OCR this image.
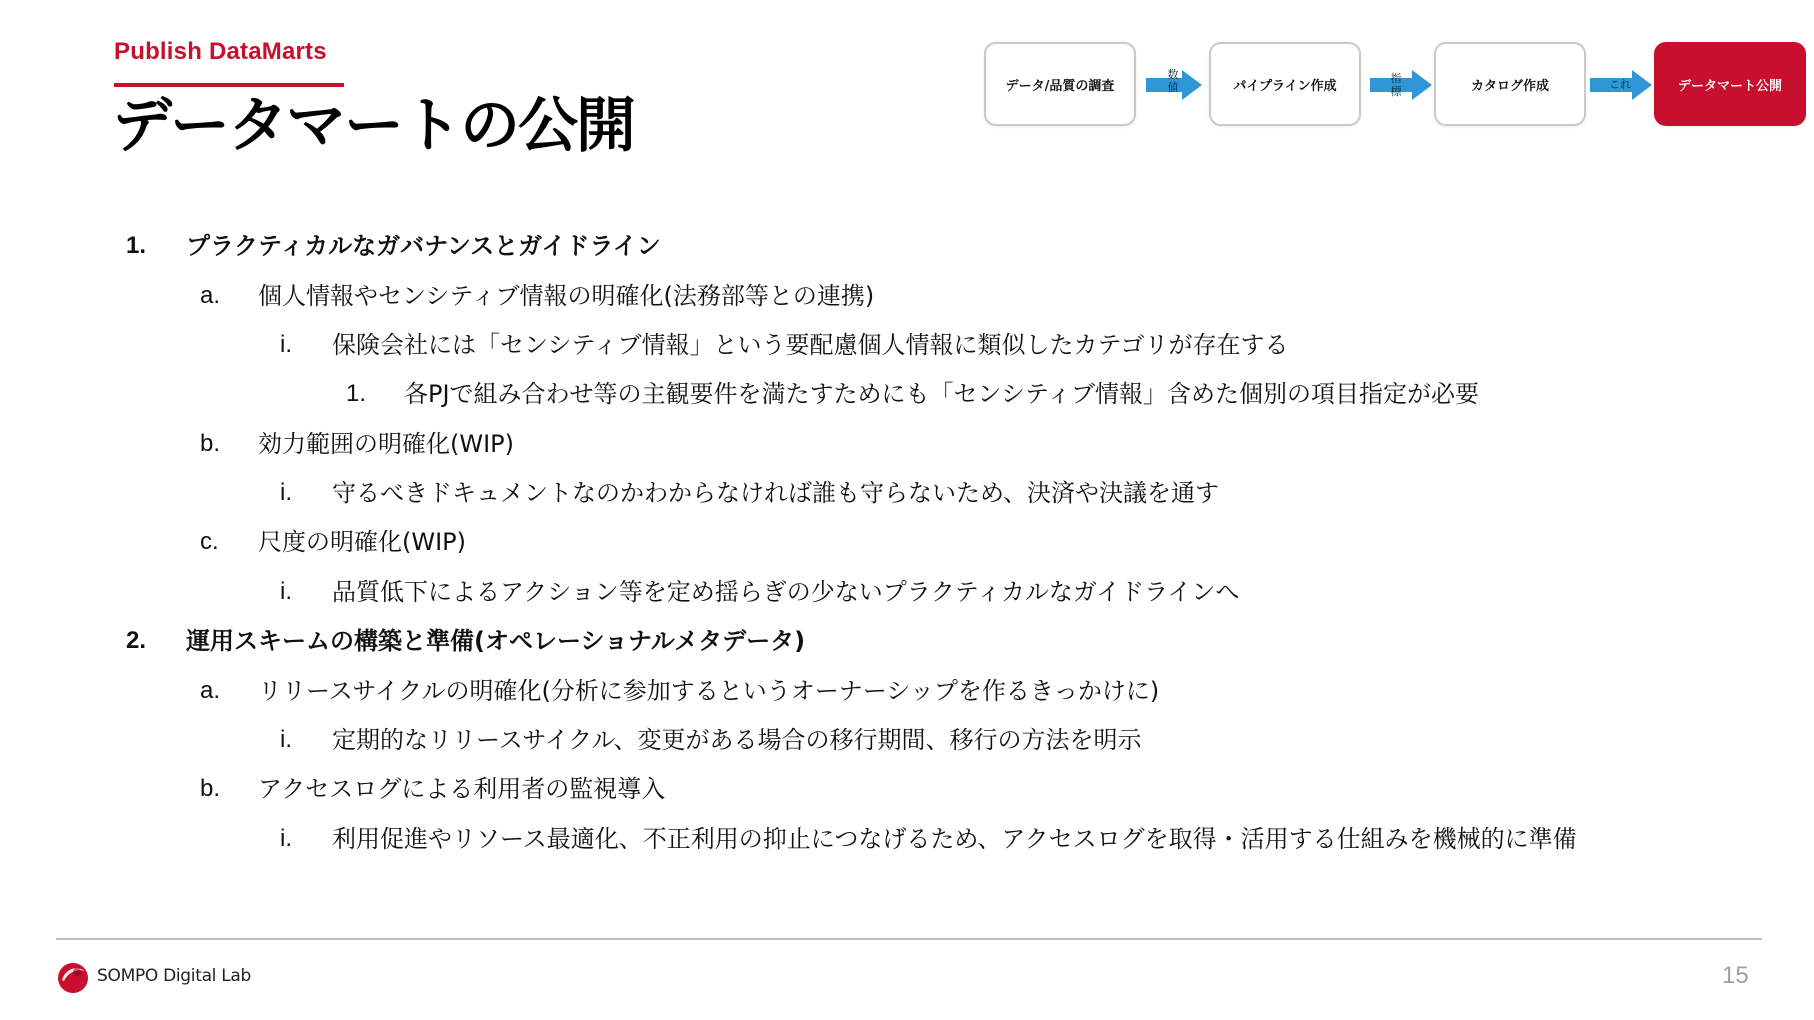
Publish DataMarts
データマートの公開
データ/品質の調査
数値	パイプライン作成	指標	カタログ作成	これ	データマート公開
1. プラクティカルなガバナンスとガイドライン
a. 個人情報やセンシティブ情報の明確化(法務部等との連携)
i. 保険会社には「センシティブ情報」という要配慮個人情報に類似したカテゴリが存在する
1. 各PJで組み合わせ等の主観要件を満たすためにも「センシティブ情報」含めた個別の項目指定が必要
b. 効力範囲の明確化(WIP)
i. 守るべきドキュメントなのかわからなければ誰も守らないため、決済や決議を通す
c. 尺度の明確化(WIP)
i. 品質低下によるアクション等を定め揺らぎの少ないプラクティカルなガイドラインへ
2. 運用スキームの構築と準備(オペレーショナルメタデータ)
a. リリースサイクルの明確化(分析に参加するというオーナーシップを作るきっかけに)
i. 定期的なリリースサイクル、変更がある場合の移行期間、移行の方法を明示
b. アクセスログによる利用者の監視導入
i. 利用促進やリソース最適化、不正利用の抑止につなげるため、アクセスログを取得・活用する仕組みを機械的に準備
SOMPO Digital Lab	15
